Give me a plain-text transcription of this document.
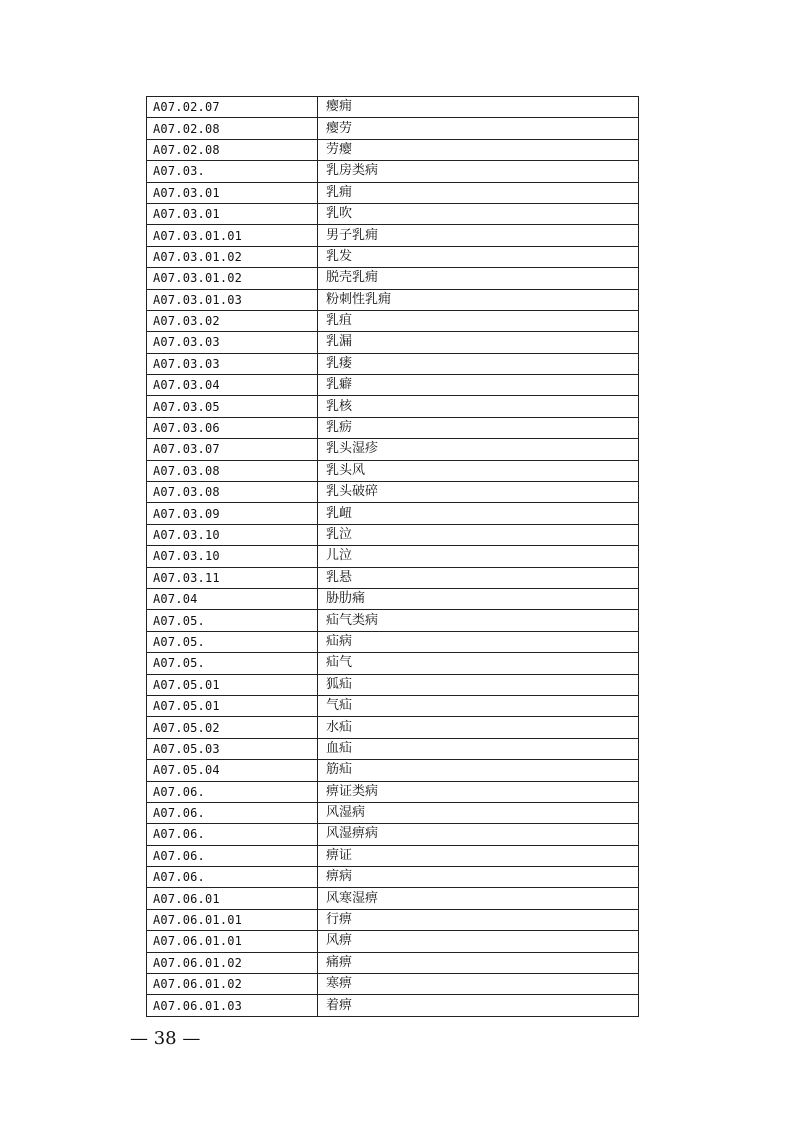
A07.02.07	瘿痈
A07.02.08	瘿劳
A07.02.08	劳瘿
A07.03.	乳房类病
A07.03.01	乳痈
A07.03.01	乳吹
A07.03.01.01	男子乳痈
A07.03.01.02	乳发
A07.03.01.02	脱壳乳痈
A07.03.01.03	粉刺性乳痈
A07.03.02	乳疽
A07.03.03	乳漏
A07.03.03	乳瘘
A07.03.04	乳癖
A07.03.05	乳核
A07.03.06	乳疬
A07.03.07	乳头湿疹
A07.03.08	乳头风
A07.03.08	乳头破碎
A07.03.09	乳衄
A07.03.10	乳泣
A07.03.10	儿泣
A07.03.11	乳悬
A07.04	胁肋痛
A07.05.	疝气类病
A07.05.	疝病
A07.05.	疝气
A07.05.01	狐疝
A07.05.01	气疝
A07.05.02	水疝
A07.05.03	血疝
A07.05.04	筋疝
A07.06.	痹证类病
A07.06.	风湿病
A07.06.	风湿痹病
A07.06.	痹证
A07.06.	痹病
A07.06.01	风寒湿痹
A07.06.01.01	行痹
A07.06.01.01	风痹
A07.06.01.02	痛痹
A07.06.01.02	寒痹
A07.06.01.03	着痹
— 38 —
